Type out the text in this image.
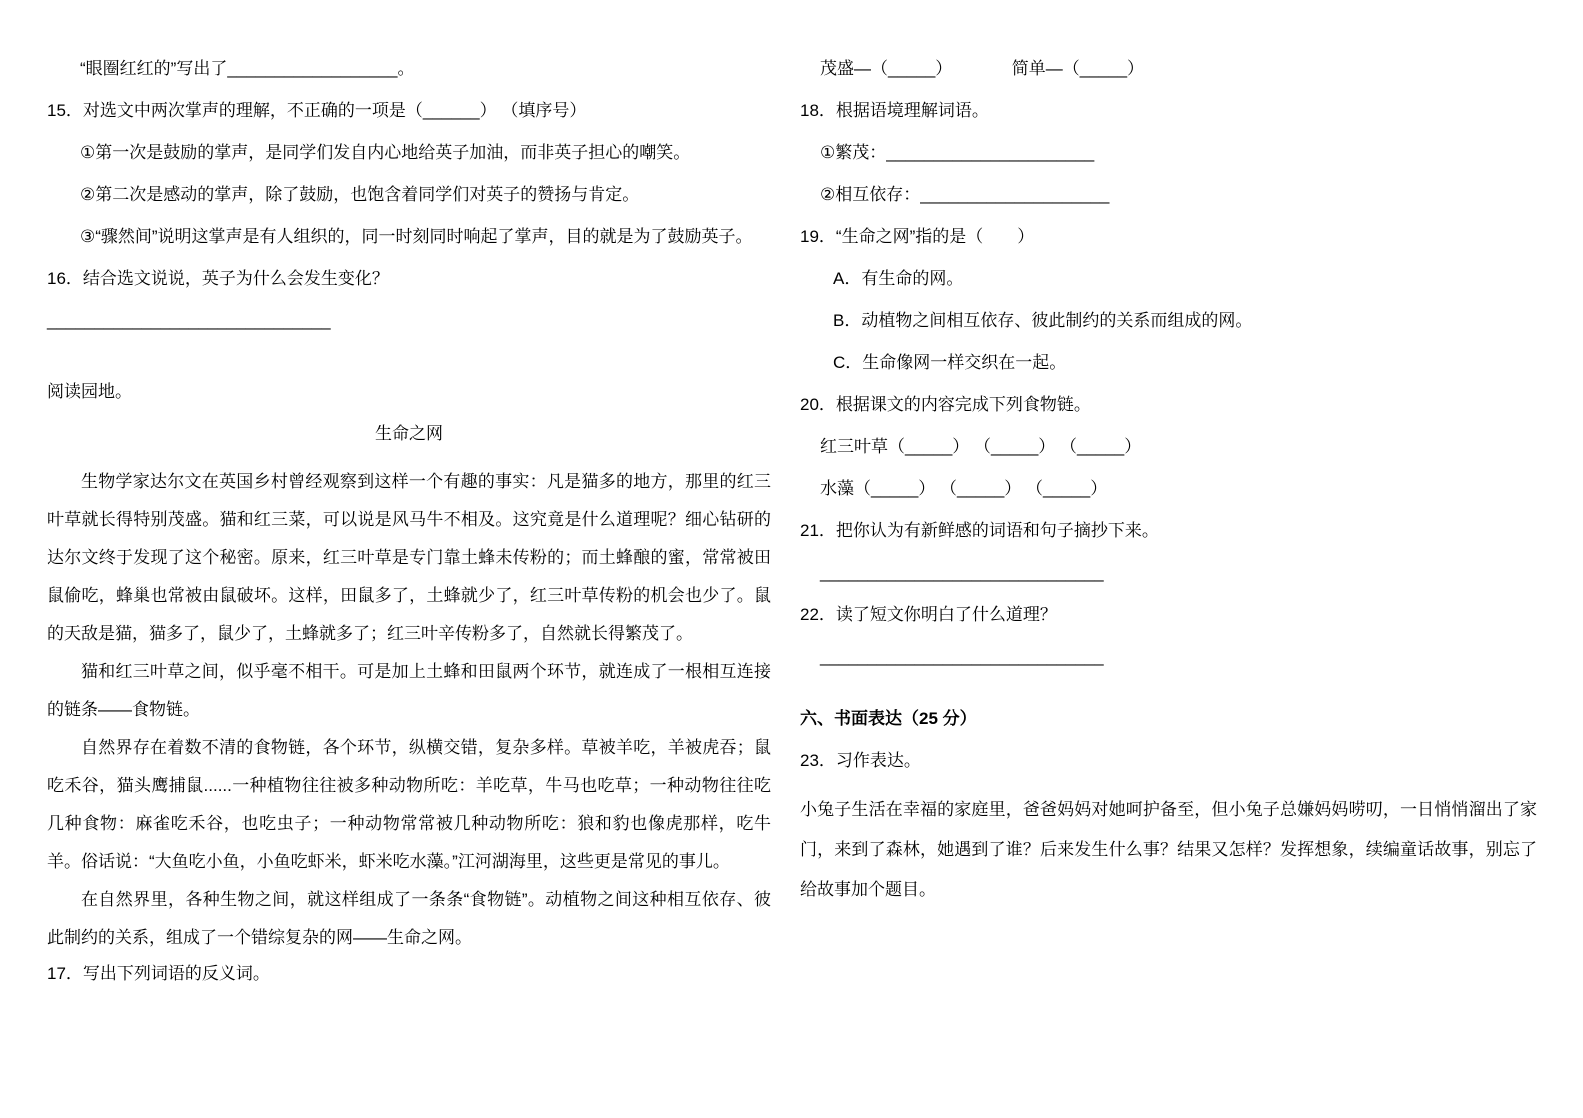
“眼圈红红的”写出了__________________。
15．对选文中两次掌声的理解，不正确的一项是（______） （填序号）
①第一次是鼓励的掌声，是同学们发自内心地给英子加油，而非英子担心的嘲笑。
②第二次是感动的掌声，除了鼓励，也饱含着同学们对英子的赞扬与肯定。
③“骤然间”说明这掌声是有人组织的，同一时刻同时响起了掌声，目的就是为了鼓励英子。
16．结合选文说说，英子为什么会发生变化？
______________________________
阅读园地。
生命之网
生物学家达尔文在英国乡村曾经观察到这样一个有趣的事实：凡是猫多的地方，那里的红三叶草就长得特别茂盛。猫和红三菜，可以说是风马牛不相及。这究竟是什么道理呢？细心钻研的达尔文终于发现了这个秘密。原来，红三叶草是专门靠土蜂未传粉的；而土蜂酿的蜜，常常被田鼠偷吃，蜂巢也常被由鼠破坏。这样，田鼠多了，土蜂就少了，红三叶草传粉的机会也少了。鼠的天敌是猫，猫多了，鼠少了，土蜂就多了；红三叶辛传粉多了，自然就长得繁茂了。
猫和红三叶草之间，似乎毫不相干。可是加上土蜂和田鼠两个环节，就连成了一根相互连接的链条——食物链。
自然界存在着数不清的食物链，各个环节，纵横交错，复杂多样。草被羊吃，羊被虎吞；鼠吃禾谷，猫头鹰捕鼠......一种植物往往被多种动物所吃：羊吃草，牛马也吃草；一种动物往往吃几种食物：麻雀吃禾谷，也吃虫子；一种动物常常被几种动物所吃：狼和豹也像虎那样，吃牛羊。俗话说：“大鱼吃小鱼，小鱼吃虾米，虾米吃水藻。”江河湖海里，这些更是常见的事儿。
在自然界里，各种生物之间，就这样组成了一条条“食物链”。动植物之间这种相互依存、彼此制约的关系，组成了一个错综复杂的网——生命之网。
17．写出下列词语的反义词。
茂盛—（_____）　　　　简单—（_____）
18．根据语境理解词语。
①繁茂：______________________
②相互依存：____________________
19．“生命之网”指的是（　　）
A．有生命的网。
B．动植物之间相互依存、彼此制约的关系而组成的网。
C．生命像网一样交织在一起。
20．根据课文的内容完成下列食物链。
红三叶草（_____） （_____） （_____）
水藻（_____） （_____） （_____）
21．把你认为有新鲜感的词语和句子摘抄下来。
______________________________
22．读了短文你明白了什么道理？
______________________________
六、书面表达（25 分）
23．习作表达。
小兔子生活在幸福的家庭里，爸爸妈妈对她呵护备至，但小兔子总嫌妈妈唠叨，一日悄悄溜出了家门，来到了森林，她遇到了谁？后来发生什么事？结果又怎样？发挥想象，续编童话故事，别忘了给故事加个题目。
